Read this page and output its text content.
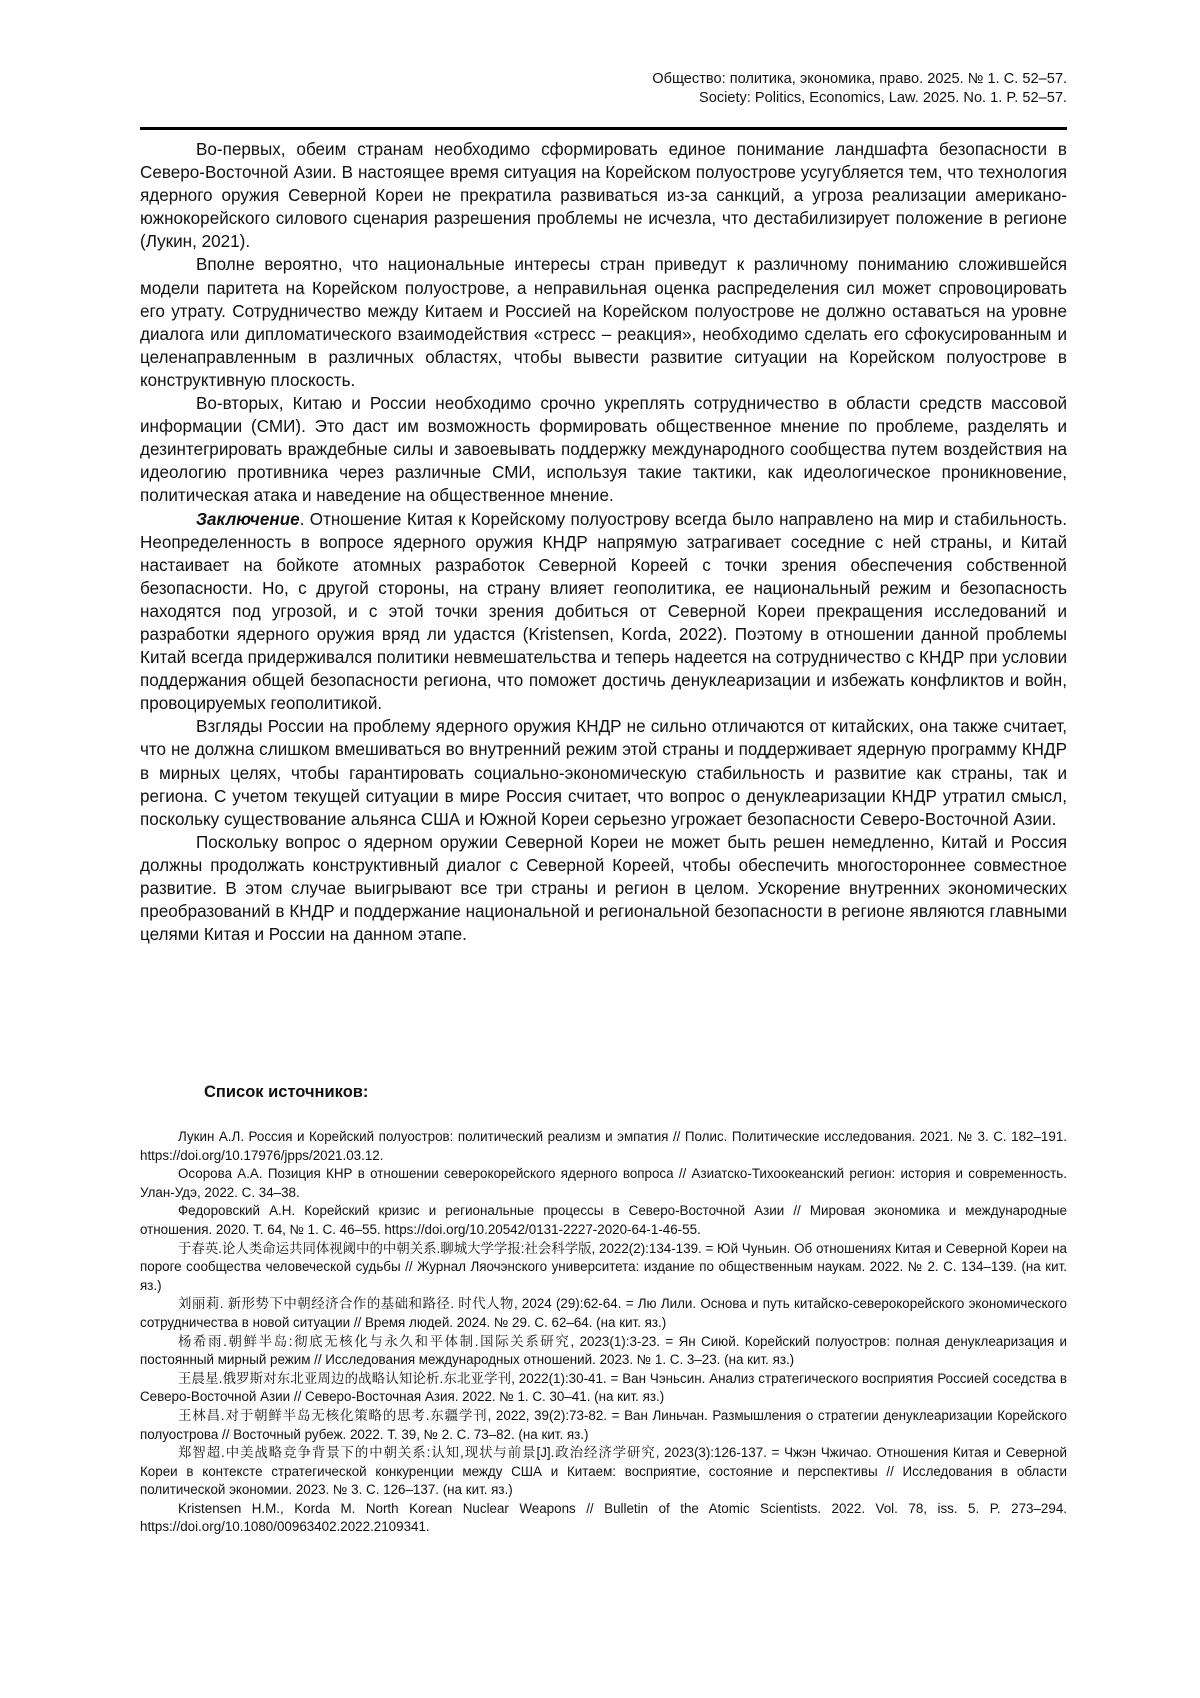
Общество: политика, экономика, право. 2025. № 1. С. 52–57.
Society: Politics, Economics, Law. 2025. No. 1. P. 52–57.

Во-первых, обеим странам необходимо сформировать единое понимание ландшафта безопасности в Северо-Восточной Азии. В настоящее время ситуация на Корейском полуострове усугубляется тем, что технология ядерного оружия Северной Кореи не прекратила развиваться из-за санкций, а угроза реализации американо-южнокорейского силового сценария разрешения проблемы не исчезла, что дестабилизирует положение в регионе (Лукин, 2021).

Вполне вероятно, что национальные интересы стран приведут к различному пониманию сложившейся модели паритета на Корейском полуострове, а неправильная оценка распределения сил может спровоцировать его утрату. Сотрудничество между Китаем и Россией на Корейском полуострове не должно оставаться на уровне диалога или дипломатического взаимодействия «стресс – реакция», необходимо сделать его сфокусированным и целенаправленным в различных областях, чтобы вывести развитие ситуации на Корейском полуострове в конструктивную плоскость.

Во-вторых, Китаю и России необходимо срочно укреплять сотрудничество в области средств массовой информации (СМИ). Это даст им возможность формировать общественное мнение по проблеме, разделять и дезинтегрировать враждебные силы и завоевывать поддержку международного сообщества путем воздействия на идеологию противника через различные СМИ, используя такие тактики, как идеологическое проникновение, политическая атака и наведение на общественное мнение.

Заключение. Отношение Китая к Корейскому полуострову всегда было направлено на мир и стабильность. Неопределенность в вопросе ядерного оружия КНДР напрямую затрагивает соседние с ней страны, и Китай настаивает на бойкоте атомных разработок Северной Кореей с точки зрения обеспечения собственной безопасности. Но, с другой стороны, на страну влияет геополитика, ее национальный режим и безопасность находятся под угрозой, и с этой точки зрения добиться от Северной Кореи прекращения исследований и разработки ядерного оружия вряд ли удастся (Kristensen, Korda, 2022). Поэтому в отношении данной проблемы Китай всегда придерживался политики невмешательства и теперь надеется на сотрудничество с КНДР при условии поддержания общей безопасности региона, что поможет достичь денуклеаризации и избежать конфликтов и войн, провоцируемых геополитикой.

Взгляды России на проблему ядерного оружия КНДР не сильно отличаются от китайских, она также считает, что не должна слишком вмешиваться во внутренний режим этой страны и поддерживает ядерную программу КНДР в мирных целях, чтобы гарантировать социально-экономическую стабильность и развитие как страны, так и региона. С учетом текущей ситуации в мире Россия считает, что вопрос о денуклеаризации КНДР утратил смысл, поскольку существование альянса США и Южной Кореи серьезно угрожает безопасности Северо-Восточной Азии.

Поскольку вопрос о ядерном оружии Северной Кореи не может быть решен немедленно, Китай и Россия должны продолжать конструктивный диалог с Северной Кореей, чтобы обеспечить многостороннее совместное развитие. В этом случае выигрывают все три страны и регион в целом. Ускорение внутренних экономических преобразований в КНДР и поддержание национальной и региональной безопасности в регионе являются главными целями Китая и России на данном этапе.

Список источников:

Лукин А.Л. Россия и Корейский полуостров: политический реализм и эмпатия // Полис. Политические исследования. 2021. № 3. С. 182–191. https://doi.org/10.17976/jpps/2021.03.12.

Осорова А.А. Позиция КНР в отношении северокорейского ядерного вопроса // Азиатско-Тихоокеанский регион: история и современность. Улан-Удэ, 2022. С. 34–38.

Федоровский А.Н. Корейский кризис и региональные процессы в Северо-Восточной Азии // Мировая экономика и международные отношения. 2020. Т. 64, № 1. С. 46–55. https://doi.org/10.20542/0131-2227-2020-64-1-46-55.

于春英.论人类命运共同体视阈中的中朝关系.聊城大学学报:社会科学版, 2022(2):134-139. = Юй Чуньин. Об отношениях Китая и Северной Кореи на пороге сообщества человеческой судьбы // Журнал Ляочэнского университета: издание по общественным наукам. 2022. № 2. С. 134–139. (на кит. яз.)

刘丽莉. 新形势下中朝经济合作的基础和路径. 时代人物, 2024 (29):62-64. = Лю Лили. Основа и путь китайско-северокорейского экономического сотрудничества в новой ситуации // Время людей. 2024. № 29. С. 62–64. (на кит. яз.)

杨希雨.朝鲜半岛:彻底无核化与永久和平体制.国际关系研究, 2023(1):3-23. = Ян Сиюй. Корейский полуостров: полная денуклеаризация и постоянный мирный режим // Исследования международных отношений. 2023. № 1. С. 3–23. (на кит. яз.)

王晨星.俄罗斯对东北亚周边的战略认知论析.东北亚学刊, 2022(1):30-41. = Ван Чэньсин. Анализ стратегического восприятия Россией соседства в Северо-Восточной Азии // Северо-Восточная Азия. 2022. № 1. С. 30–41. (на кит. яз.)

王林昌.对于朝鲜半岛无核化策略的思考.东疆学刊, 2022, 39(2):73-82. = Ван Линьчан. Размышления о стратегии денуклеаризации Корейского полуострова // Восточный рубеж. 2022. Т. 39, № 2. С. 73–82. (на кит. яз.)

郑智超.中美战略竞争背景下的中朝关系:认知,现状与前景[J].政治经济学研究, 2023(3):126-137. = Чжэн Чжичао. Отношения Китая и Северной Кореи в контексте стратегической конкуренции между США и Китаем: восприятие, состояние и перспективы // Исследования в области политической экономии. 2023. № 3. С. 126–137. (на кит. яз.)

Kristensen H.M., Korda M. North Korean Nuclear Weapons // Bulletin of the Atomic Scientists. 2022. Vol. 78, iss. 5. P. 273–294. https://doi.org/10.1080/00963402.2022.2109341.
